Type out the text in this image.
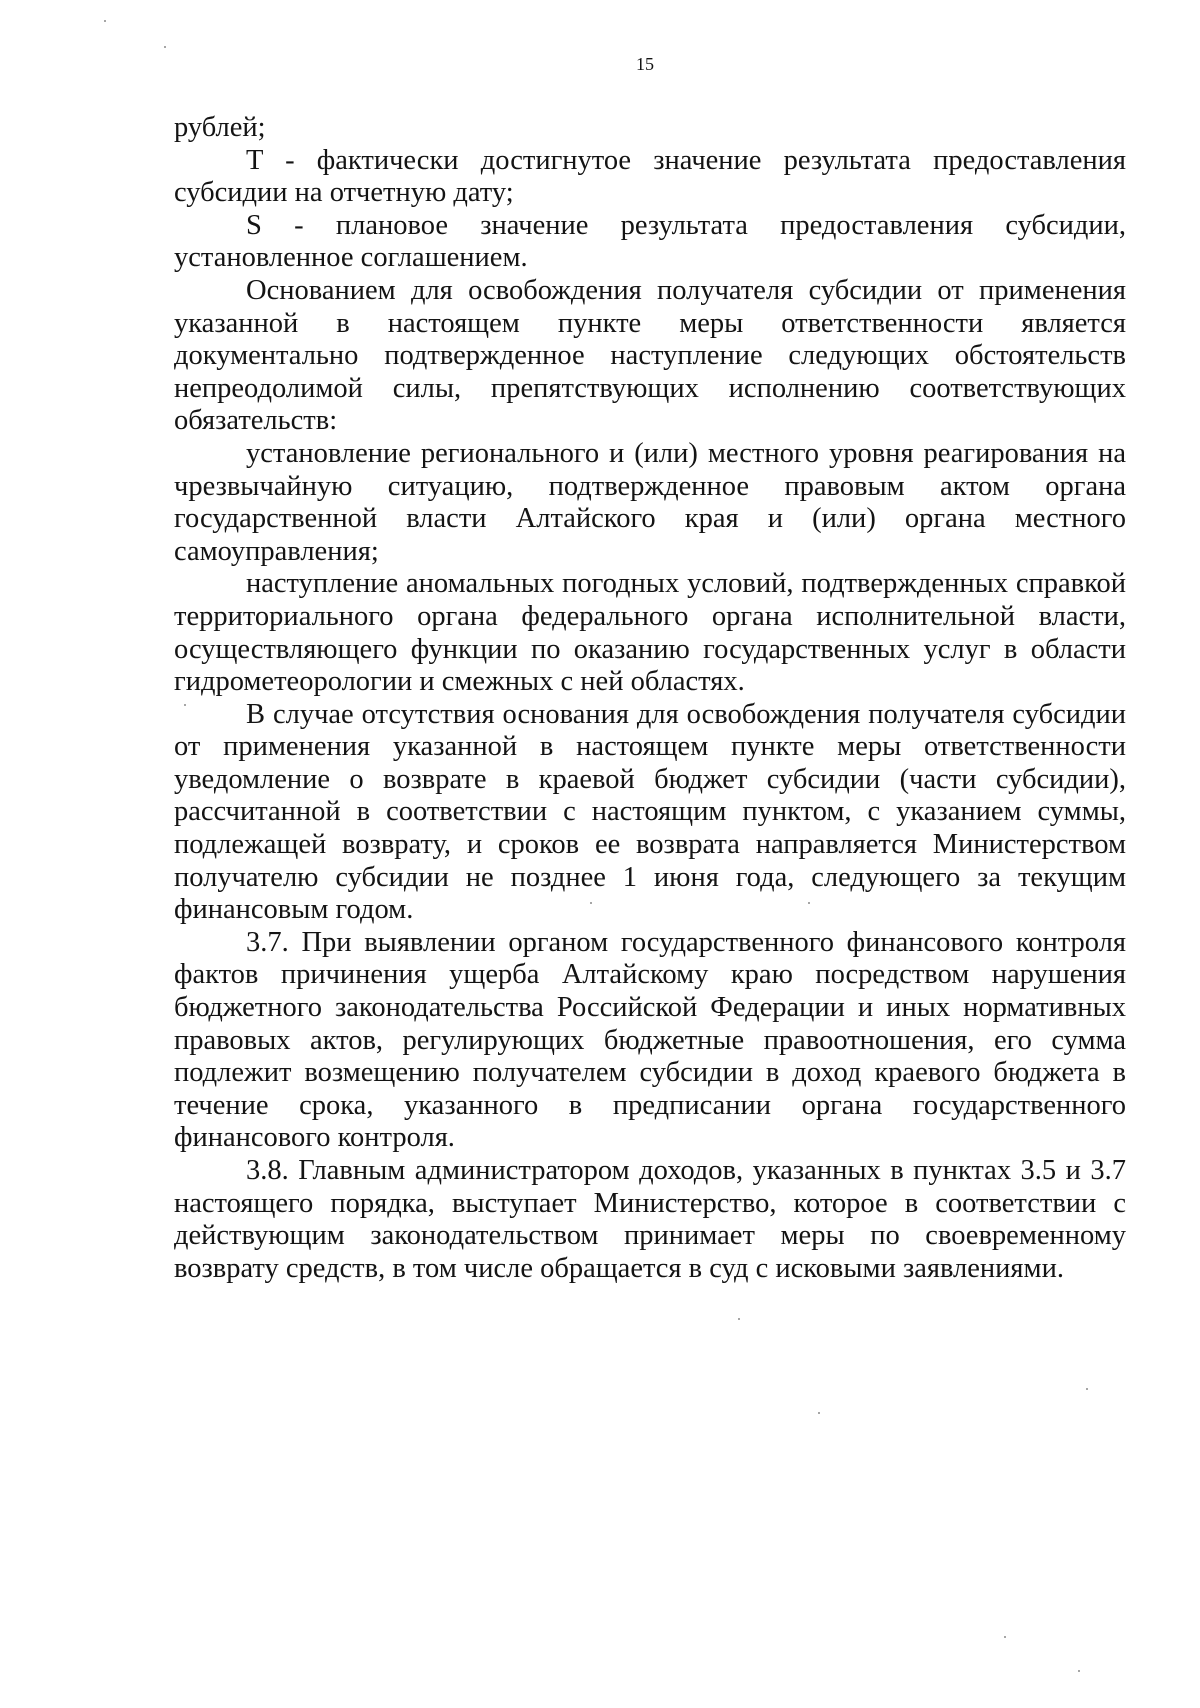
15

рублей;

T - фактически достигнутое значение результата предоставления субсидии на отчетную дату;

S - плановое значение результата предоставления субсидии, установленное соглашением.

Основанием для освобождения получателя субсидии от применения указанной в настоящем пункте меры ответственности является документально подтвержденное наступление следующих обстоятельств непреодолимой силы, препятствующих исполнению соответствующих обязательств:

установление регионального и (или) местного уровня реагирования на чрезвычайную ситуацию, подтвержденное правовым актом органа государственной власти Алтайского края и (или) органа местного самоуправления;

наступление аномальных погодных условий, подтвержденных справкой территориального органа федерального органа исполнительной власти, осуществляющего функции по оказанию государственных услуг в области гидрометеорологии и смежных с ней областях.

В случае отсутствия основания для освобождения получателя субсидии от применения указанной в настоящем пункте меры ответственности уведомление о возврате в краевой бюджет субсидии (части субсидии), рассчитанной в соответствии с настоящим пунктом, с указанием суммы, подлежащей возврату, и сроков ее возврата направляется Министерством получателю субсидии не позднее 1 июня года, следующего за текущим финансовым годом.

3.7. При выявлении органом государственного финансового контроля фактов причинения ущерба Алтайскому краю посредством нарушения бюджетного законодательства Российской Федерации и иных нормативных правовых актов, регулирующих бюджетные правоотношения, его сумма подлежит возмещению получателем субсидии в доход краевого бюджета в течение срока, указанного в предписании органа государственного финансового контроля.

3.8. Главным администратором доходов, указанных в пунктах 3.5 и 3.7 настоящего порядка, выступает Министерство, которое в соответствии с действующим законодательством принимает меры по своевременному возврату средств, в том числе обращается в суд с исковыми заявлениями.
